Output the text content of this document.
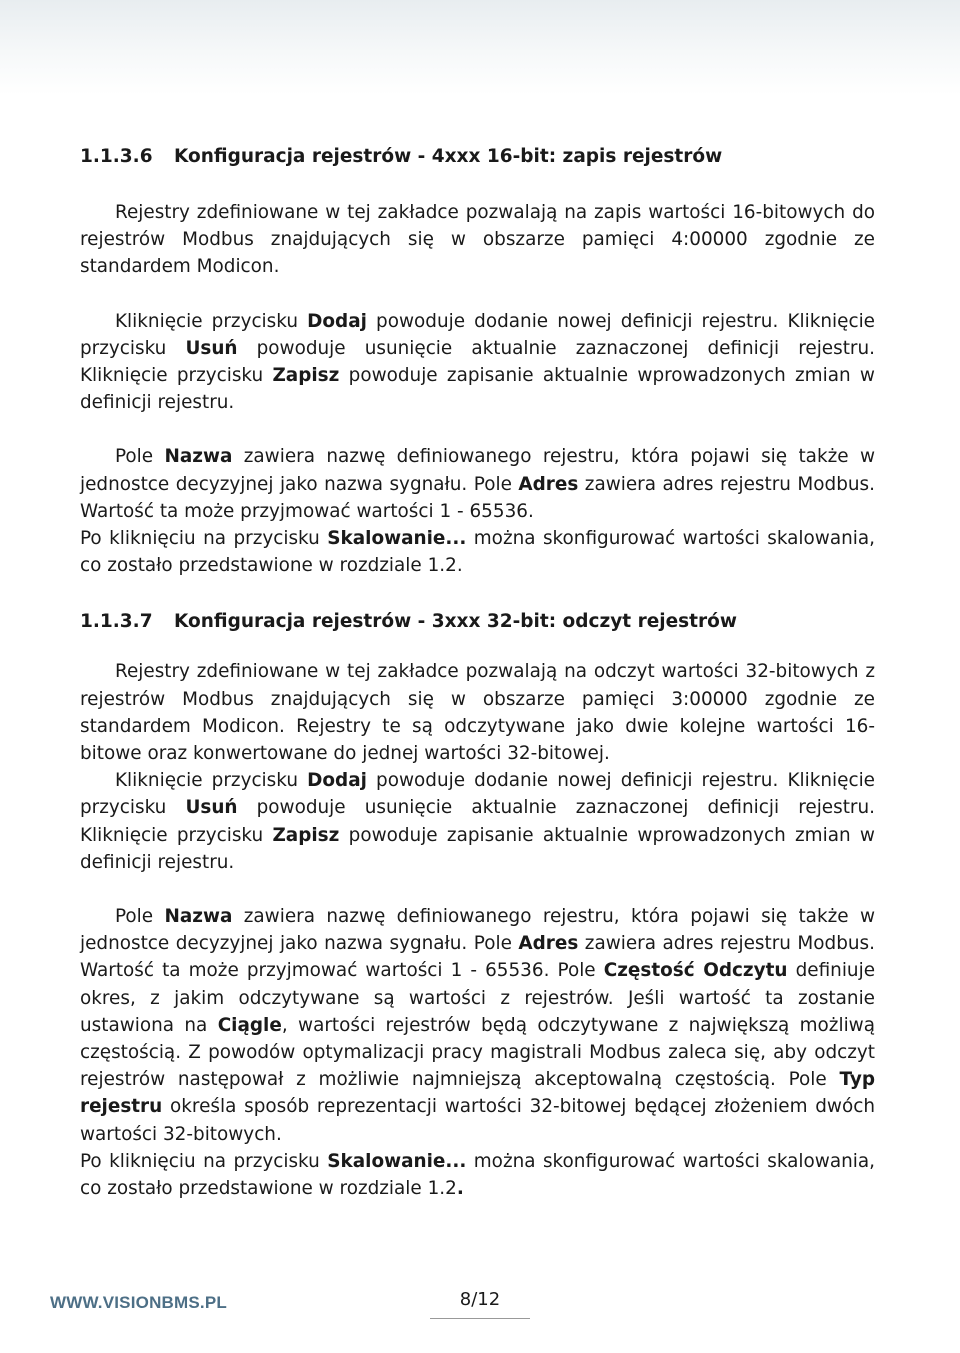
1.1.3.6 Konfiguracja rejestrów - 4xxx 16-bit: zapis rejestrów

Rejestry zdefiniowane w tej zakładce pozwalają na zapis wartości 16-bitowych do rejestrów Modbus znajdujących się w obszarze pamięci 4:00000 zgodnie ze standardem Modicon.

Kliknięcie przycisku Dodaj powoduje dodanie nowej definicji rejestru. Kliknięcie przycisku Usuń powoduje usunięcie aktualnie zaznaczonej definicji rejestru. Kliknięcie przycisku Zapisz powoduje zapisanie aktualnie wprowadzonych zmian w definicji rejestru.

Pole Nazwa zawiera nazwę definiowanego rejestru, która pojawi się także w jednostce decyzyjnej jako nazwa sygnału. Pole Adres zawiera adres rejestru Modbus. Wartość ta może przyjmować wartości 1 - 65536.

Po kliknięciu na przycisku Skalowanie... można skonfigurować wartości skalowania, co zostało przedstawione w rozdziale 1.2.

1.1.3.7 Konfiguracja rejestrów - 3xxx 32-bit: odczyt rejestrów

Rejestry zdefiniowane w tej zakładce pozwalają na odczyt wartości 32-bitowych z rejestrów Modbus znajdujących się w obszarze pamięci 3:00000 zgodnie ze standardem Modicon. Rejestry te są odczytywane jako dwie kolejne wartości 16-bitowe oraz konwertowane do jednej wartości 32-bitowej.

Kliknięcie przycisku Dodaj powoduje dodanie nowej definicji rejestru. Kliknięcie przycisku Usuń powoduje usunięcie aktualnie zaznaczonej definicji rejestru. Kliknięcie przycisku Zapisz powoduje zapisanie aktualnie wprowadzonych zmian w definicji rejestru.

Pole Nazwa zawiera nazwę definiowanego rejestru, która pojawi się także w jednostce decyzyjnej jako nazwa sygnału. Pole Adres zawiera adres rejestru Modbus. Wartość ta może przyjmować wartości 1 - 65536. Pole Częstość Odczytu definiuje okres, z jakim odczytywane są wartości z rejestrów. Jeśli wartość ta zostanie ustawiona na Ciągle, wartości rejestrów będą odczytywane z największą możliwą częstością. Z powodów optymalizacji pracy magistrali Modbus zaleca się, aby odczyt rejestrów następował z możliwie najmniejszą akceptowalną częstością. Pole Typ rejestru określa sposób reprezentacji wartości 32-bitowej będącej złożeniem dwóch wartości 32-bitowych.

Po kliknięciu na przycisku Skalowanie... można skonfigurować wartości skalowania, co zostało przedstawione w rozdziale 1.2.

WWW.VISIONBMS.PL	8/12
